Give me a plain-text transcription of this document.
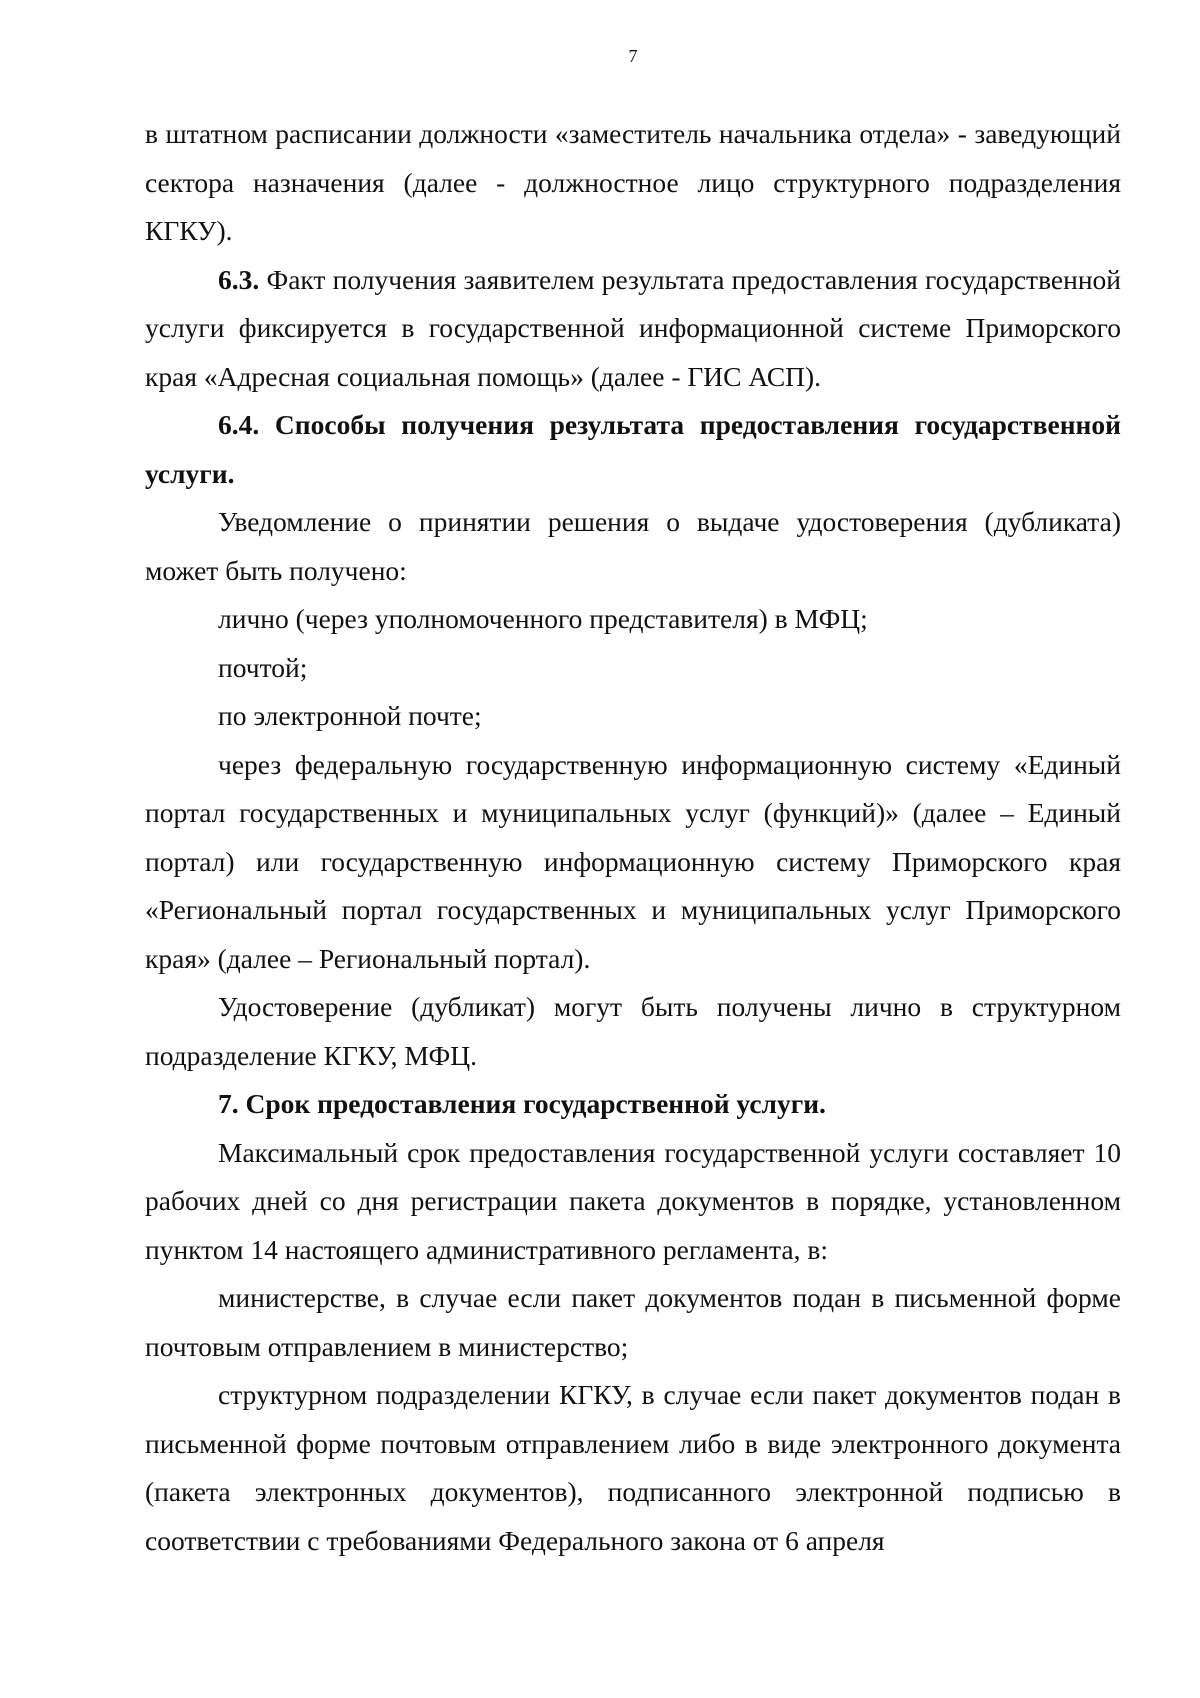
7

в штатном расписании должности «заместитель начальника отдела» - заведующий сектора назначения (далее - должностное лицо структурного подразделения КГКУ).

6.3. Факт получения заявителем результата предоставления государственной услуги фиксируется в государственной информационной системе Приморского края «Адресная социальная помощь» (далее - ГИС АСП).

6.4. Способы получения результата предоставления государственной услуги.

Уведомление о принятии решения о выдаче удостоверения (дубликата) может быть получено:

лично (через уполномоченного представителя) в МФЦ;

почтой;

по электронной почте;

через федеральную государственную информационную систему «Единый портал государственных и муниципальных услуг (функций)» (далее – Единый портал) или государственную информационную систему Приморского края «Региональный портал государственных и муниципальных услуг Приморского края» (далее – Региональный портал).

Удостоверение (дубликат) могут быть получены лично в структурном подразделение КГКУ, МФЦ.

7. Срок предоставления государственной услуги.

Максимальный срок предоставления государственной услуги составляет 10 рабочих дней со дня регистрации пакета документов в порядке, установленном пунктом 14 настоящего административного регламента, в:

министерстве, в случае если пакет документов подан в письменной форме почтовым отправлением в министерство;

структурном подразделении КГКУ, в случае если пакет документов подан в письменной форме почтовым отправлением либо в виде электронного документа (пакета электронных документов), подписанного электронной подписью в соответствии с требованиями Федерального закона от 6 апреля
